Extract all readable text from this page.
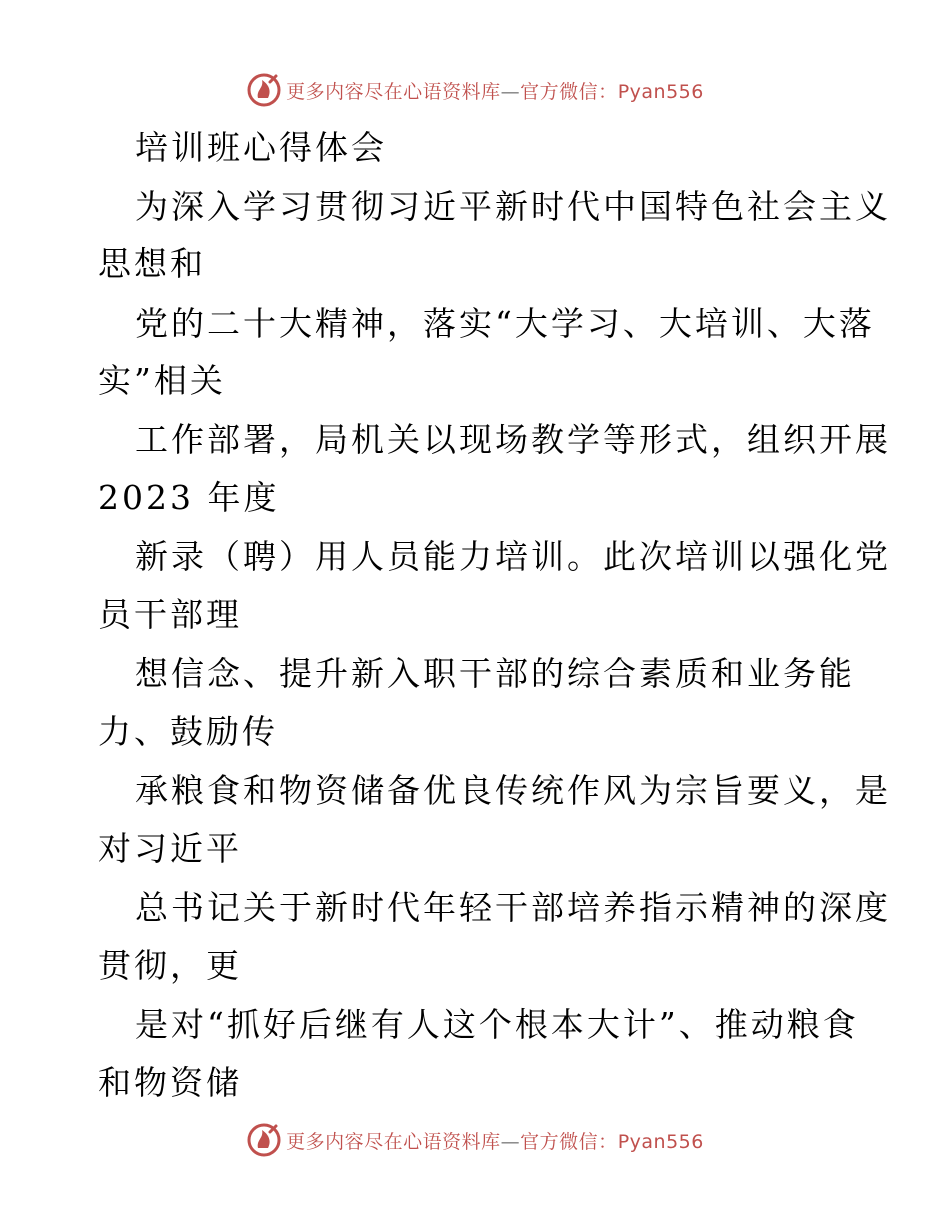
更多内容尽在心语资料库—官方微信：Pyan556
培训班心得体会
为深入学习贯彻习近平新时代中国特色社会主义
思想和
党的二十大精神，落实“大学习、大培训、大落
实”相关
工作部署，局机关以现场教学等形式，组织开展
2023 年度
新录（聘）用人员能力培训。此次培训以强化党
员干部理
想信念、提升新入职干部的综合素质和业务能
力、鼓励传
承粮食和物资储备优良传统作风为宗旨要义，是
对习近平
总书记关于新时代年轻干部培养指示精神的深度
贯彻，更
是对“抓好后继有人这个根本大计”、推动粮食
和物资储
更多内容尽在心语资料库—官方微信：Pyan556
